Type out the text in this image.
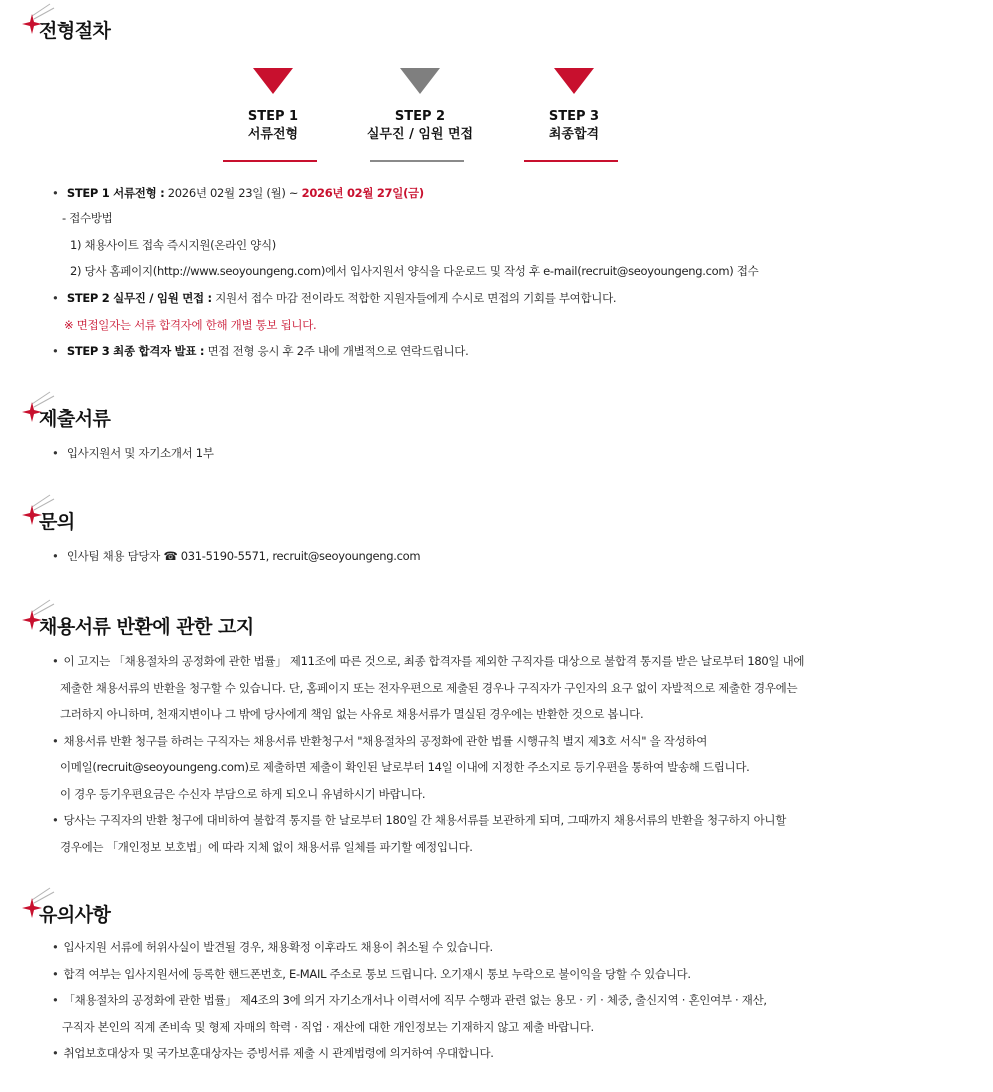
전형절차
STEP 1
서류전형
STEP 2
실무진 / 임원 면접
STEP 3
최종합격
• STEP 1 서류전형 : 2026년 02월 23일 (월) ~ 2026년 02월 27일(금)
- 접수방법
1) 채용사이트 접속 즉시지원(온라인 양식)
2) 당사 홈페이지(http://www.seoyoungeng.com)에서 입사지원서 양식을 다운로드 및 작성 후 e-mail(recruit@seoyoungeng.com) 접수
• STEP 2 실무진 / 임원 면접 : 지원서 접수 마감 전이라도 적합한 지원자들에게 수시로 면접의 기회를 부여합니다.
※ 면접일자는 서류 합격자에 한해 개별 통보 됩니다.
• STEP 3 최종 합격자 발표 : 면접 전형 응시 후 2주 내에 개별적으로 연락드립니다.
제출서류
• 입사지원서 및 자기소개서 1부
문의
• 인사팀 채용 담당자 ☎ 031-5190-5571, recruit@seoyoungeng.com
채용서류 반환에 관한 고지
• 이 고지는 「채용절차의 공정화에 관한 법률」 제11조에 따른 것으로, 최종 합격자를 제외한 구직자를 대상으로 불합격 통지를 받은 날로부터 180일 내에
제출한 채용서류의 반환을 청구할 수 있습니다. 단, 홈페이지 또는 전자우편으로 제출된 경우나 구직자가 구인자의 요구 없이 자발적으로 제출한 경우에는
그러하지 아니하며, 천재지변이나 그 밖에 당사에게 책임 없는 사유로 채용서류가 멸실된 경우에는 반환한 것으로 봅니다.
• 채용서류 반환 청구를 하려는 구직자는 채용서류 반환청구서 "채용절차의 공정화에 관한 법률 시행규칙 별지 제3호 서식" 을 작성하여
이메일(recruit@seoyoungeng.com)로 제출하면 제출이 확인된 날로부터 14일 이내에 지정한 주소지로 등기우편을 통하여 발송해 드립니다.
이 경우 등기우편요금은 수신자 부담으로 하게 되오니 유념하시기 바랍니다.
• 당사는 구직자의 반환 청구에 대비하여 불합격 통지를 한 날로부터 180일 간 채용서류를 보관하게 되며, 그때까지 채용서류의 반환을 청구하지 아니할
경우에는 「개인정보 보호법」에 따라 지체 없이 채용서류 일체를 파기할 예정입니다.
유의사항
• 입사지원 서류에 허위사실이 발견될 경우, 채용확정 이후라도 채용이 취소될 수 있습니다.
• 합격 여부는 입사지원서에 등록한 핸드폰번호, E-MAIL 주소로 통보 드립니다. 오기재시 통보 누락으로 불이익을 당할 수 있습니다.
• 「채용절차의 공정화에 관한 법률」 제4조의 3에 의거 자기소개서나 이력서에 직무 수행과 관련 없는 용모 · 키 · 체중, 출신지역 · 혼인여부 · 재산,
구직자 본인의 직계 존비속 및 형제 자매의 학력 · 직업 · 재산에 대한 개인정보는 기재하지 않고 제출 바랍니다.
• 취업보호대상자 및 국가보훈대상자는 증빙서류 제출 시 관계법령에 의거하여 우대합니다.
